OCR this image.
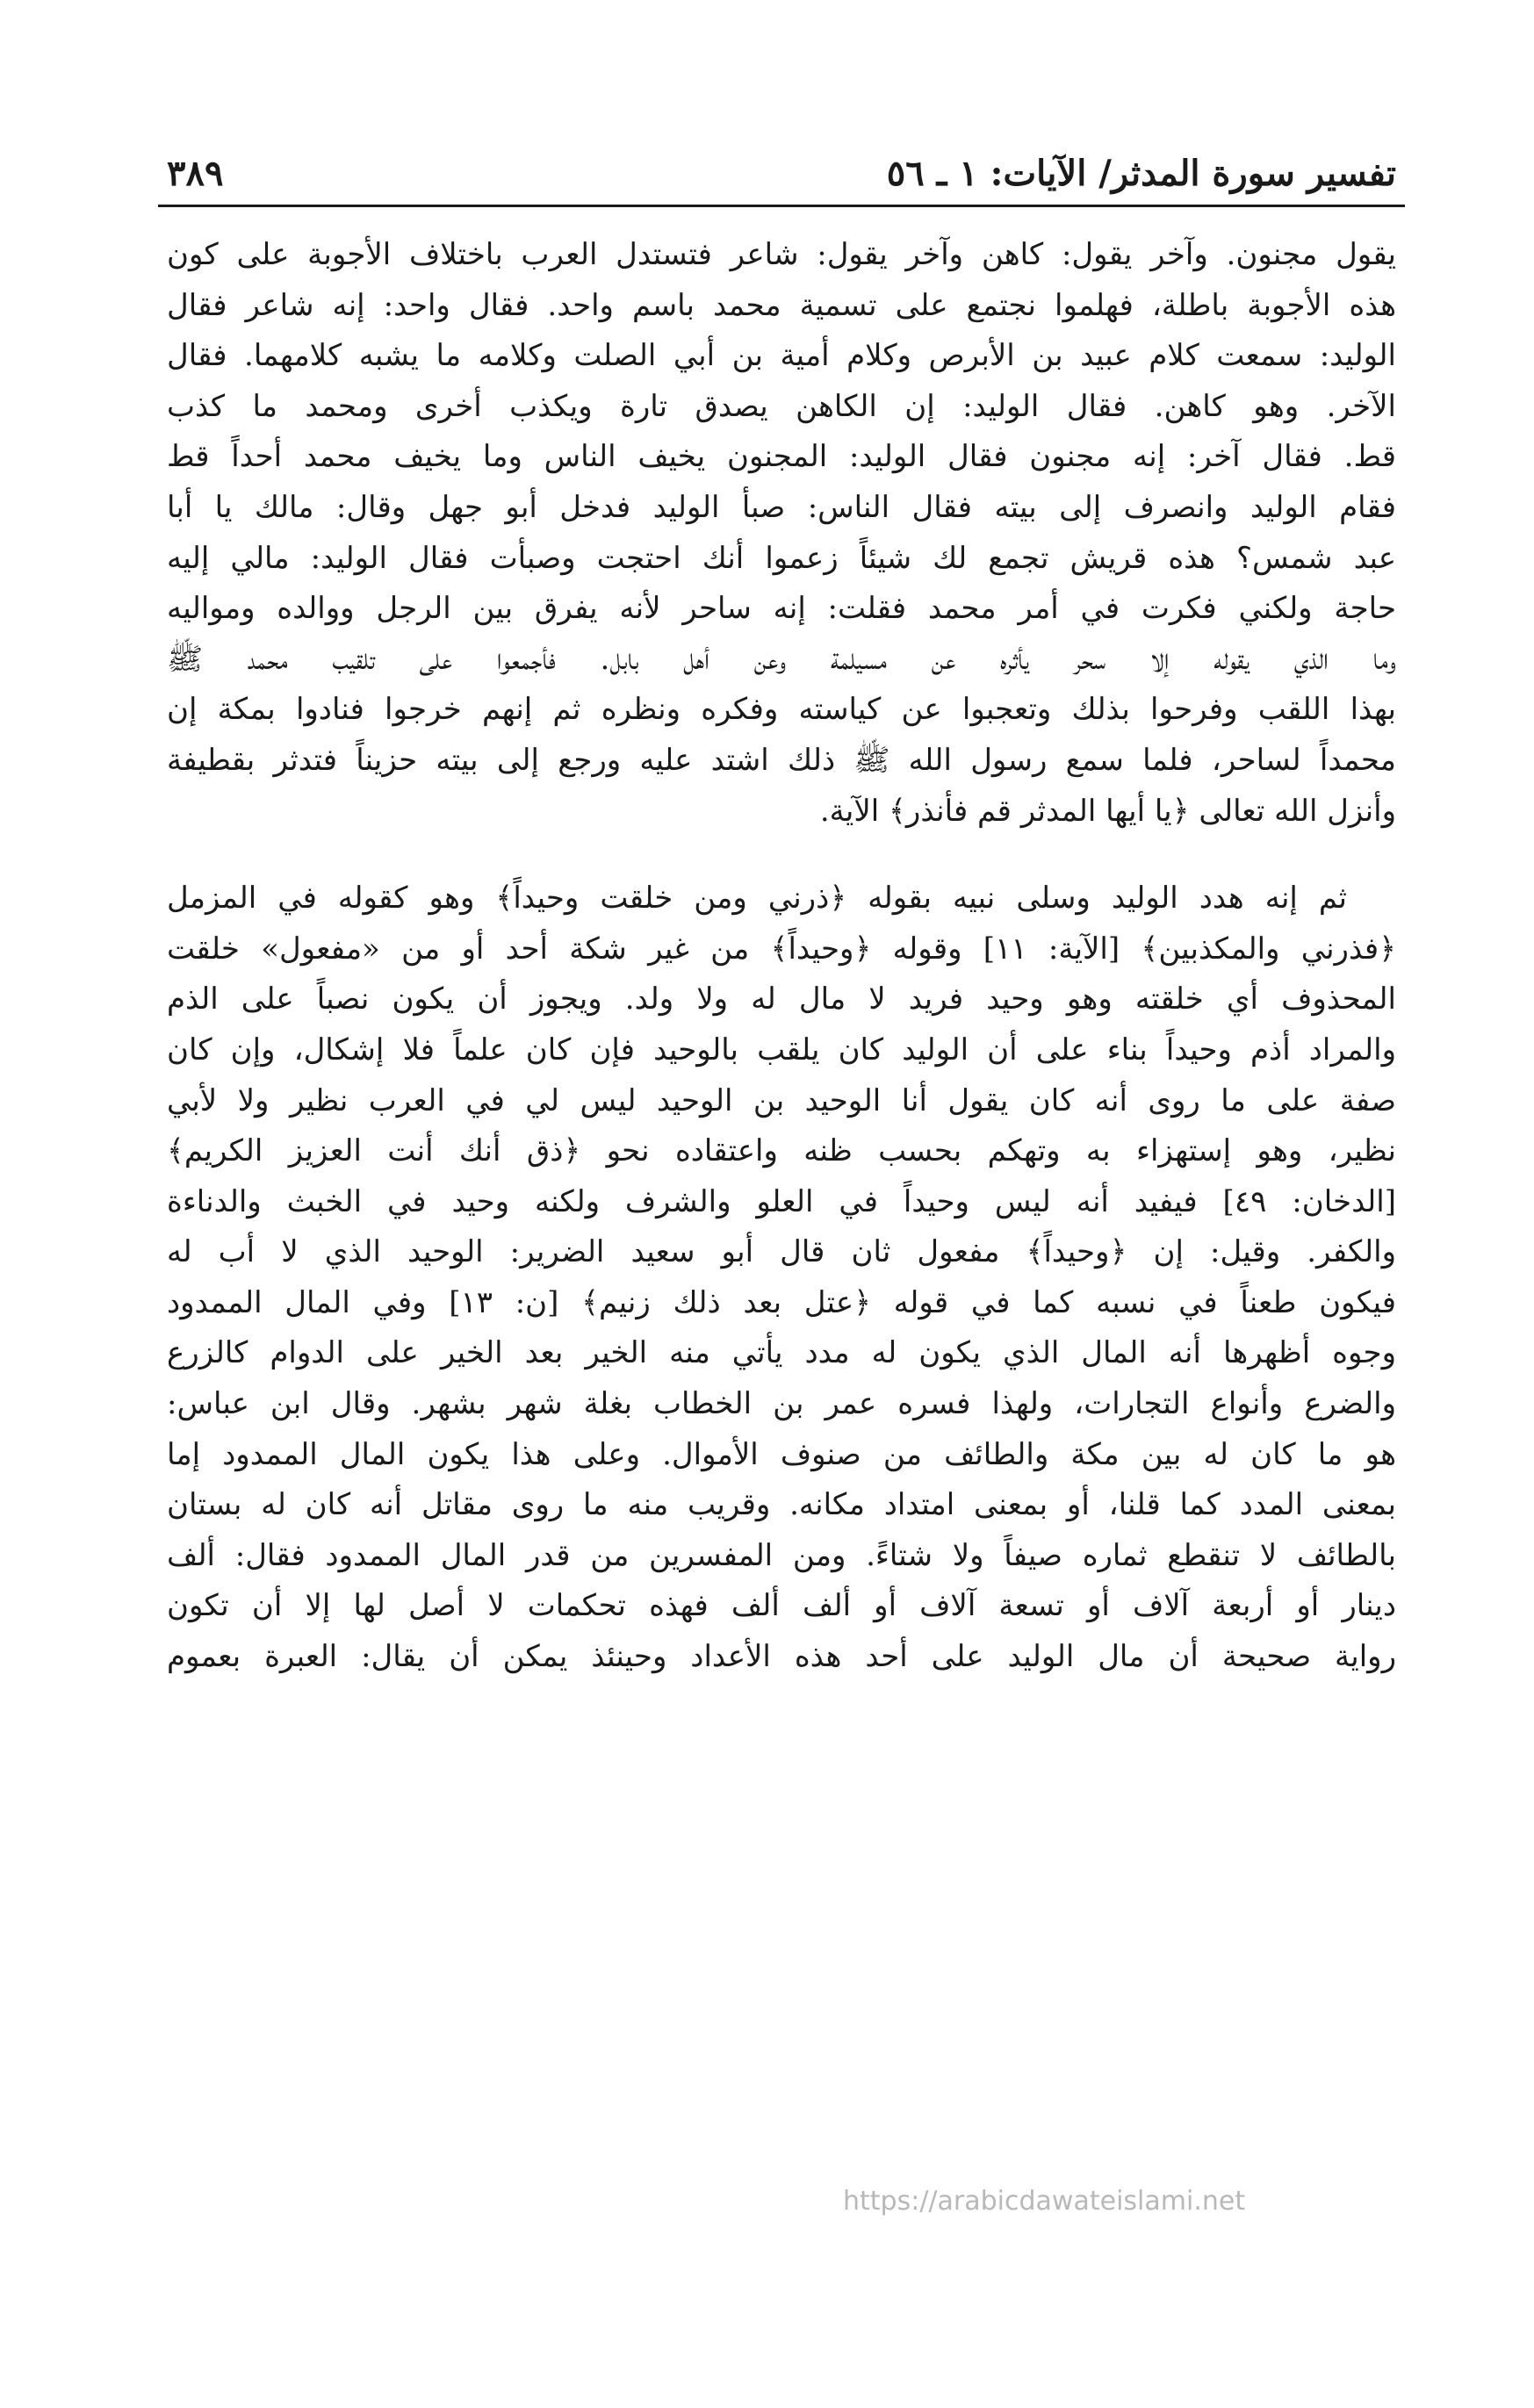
تفسير سورة المدثر/ الآيات: ١ ـ ٥٦
٣٨٩
يقول مجنون. وآخر يقول: كاهن وآخر يقول: شاعر فتستدل العرب باختلاف الأجوبة على كون
هذه الأجوبة باطلة، فهلموا نجتمع على تسمية محمد باسم واحد. فقال واحد: إنه شاعر فقال
الوليد: سمعت كلام عبيد بن الأبرص وكلام أمية بن أبي الصلت وكلامه ما يشبه كلامهما. فقال
الآخر. وهو كاهن. فقال الوليد: إن الكاهن يصدق تارة ويكذب أخرى ومحمد ما كذب
قط. فقال آخر: إنه مجنون فقال الوليد: المجنون يخيف الناس وما يخيف محمد أحداً قط
فقام الوليد وانصرف إلى بيته فقال الناس: صبأ الوليد فدخل أبو جهل وقال: مالك يا أبا
عبد شمس؟ هذه قريش تجمع لك شيئاً زعموا أنك احتجت وصبأت فقال الوليد: مالي إليه
حاجة ولكني فكرت في أمر محمد فقلت: إنه ساحر لأنه يفرق بين الرجل ووالده ومواليه
وما الذي يقوله إلا سحر يأثره عن مسيلمة وعن أهل بابل. فأجمعوا على تلقيب محمد ﷺ
بهذا اللقب وفرحوا بذلك وتعجبوا عن كياسته وفكره ونظره ثم إنهم خرجوا فنادوا بمكة إن
محمداً لساحر، فلما سمع رسول الله ﷺ ذلك اشتد عليه ورجع إلى بيته حزيناً فتدثر بقطيفة
وأنزل الله تعالى ﴿يا أيها المدثر قم فأنذر﴾ الآية.
ثم إنه هدد الوليد وسلى نبيه بقوله ﴿ذرني ومن خلقت وحيداً﴾ وهو كقوله في المزمل
﴿فذرني والمكذبين﴾ [الآية: ١١] وقوله ﴿وحيداً﴾ من غير شكة أحد أو من «مفعول» خلقت
المحذوف أي خلقته وهو وحيد فريد لا مال له ولا ولد. ويجوز أن يكون نصباً على الذم
والمراد أذم وحيداً بناء على أن الوليد كان يلقب بالوحيد فإن كان علماً فلا إشكال، وإن كان
صفة على ما روى أنه كان يقول أنا الوحيد بن الوحيد ليس لي في العرب نظير ولا لأبي
نظير، وهو إستهزاء به وتهكم بحسب ظنه واعتقاده نحو ﴿ذق أنك أنت العزيز الكريم﴾
[الدخان: ٤٩] فيفيد أنه ليس وحيداً في العلو والشرف ولكنه وحيد في الخبث والدناءة
والكفر. وقيل: إن ﴿وحيداً﴾ مفعول ثان قال أبو سعيد الضرير: الوحيد الذي لا أب له
فيكون طعناً في نسبه كما في قوله ﴿عتل بعد ذلك زنيم﴾ [ن: ١٣] وفي المال الممدود
وجوه أظهرها أنه المال الذي يكون له مدد يأتي منه الخير بعد الخير على الدوام كالزرع
والضرع وأنواع التجارات، ولهذا فسره عمر بن الخطاب بغلة شهر بشهر. وقال ابن عباس:
هو ما كان له بين مكة والطائف من صنوف الأموال. وعلى هذا يكون المال الممدود إما
بمعنى المدد كما قلنا، أو بمعنى امتداد مكانه. وقريب منه ما روى مقاتل أنه كان له بستان
بالطائف لا تنقطع ثماره صيفاً ولا شتاءً. ومن المفسرين من قدر المال الممدود فقال: ألف
دينار أو أربعة آلاف أو تسعة آلاف أو ألف ألف فهذه تحكمات لا أصل لها إلا أن تكون
رواية صحيحة أن مال الوليد على أحد هذه الأعداد وحينئذ يمكن أن يقال: العبرة بعموم
https://arabicdawateislami.net
